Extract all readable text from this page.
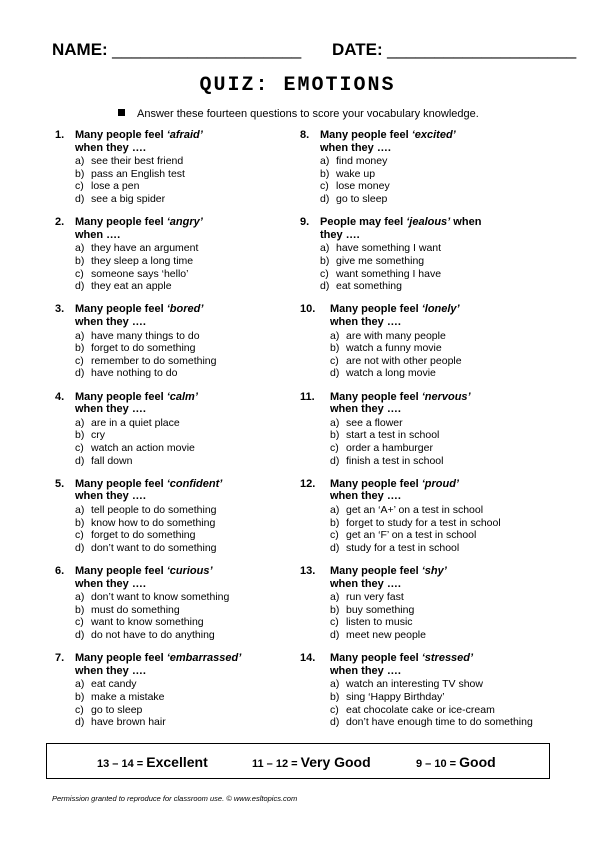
NAME: ____________________ DATE: ____________________
QUIZ: EMOTIONS
Answer these fourteen questions to score your vocabulary knowledge.
1. Many people feel ‘afraid’
when they ….
a) see their best friend
b) pass an English test
c) lose a pen
d) see a big spider
2. Many people feel ‘angry’
when ….
a) they have an argument
b) they sleep a long time
c) someone says ‘hello’
d) they eat an apple
3. Many people feel ‘bored’
when they ….
a) have many things to do
b) forget to do something
c) remember to do something
d) have nothing to do
4. Many people feel ‘calm’
when they ….
a) are in a quiet place
b) cry
c) watch an action movie
d) fall down
5. Many people feel ‘confident’
when they ….
a) tell people to do something
b) know how to do something
c) forget to do something
d) don’t want to do something
6. Many people feel ‘curious’
when they ….
a) don’t want to know something
b) must do something
c) want to know something
d) do not have to do anything
7. Many people feel ‘embarrassed’
when they ….
a) eat candy
b) make a mistake
c) go to sleep
d) have brown hair
8. Many people feel ‘excited’
when they ….
a) find money
b) wake up
c) lose money
d) go to sleep
9. People may feel ‘jealous’ when
they ….
a) have something I want
b) give me something
c) want something I have
d) eat something
10. Many people feel ‘lonely’
when they ….
a) are with many people
b) watch a funny movie
c) are not with other people
d) watch a long movie
11. Many people feel ‘nervous’
when they ….
a) see a flower
b) start a test in school
c) order a hamburger
d) finish a test in school
12. Many people feel ‘proud’
when they ….
a) get an ‘A+’ on a test in school
b) forget to study for a test in school
c) get an ‘F’ on a test in school
d) study for a test in school
13. Many people feel ‘shy’
when they ….
a) run very fast
b) buy something
c) listen to music
d) meet new people
14. Many people feel ‘stressed’
when they ….
a) watch an interesting TV show
b) sing ‘Happy Birthday’
c) eat chocolate cake or ice-cream
d) don’t have enough time to do something
13 – 14 = Excellent	11 – 12 = Very Good	9 – 10 = Good
Permission granted to reproduce for classroom use. © www.esltopics.com
